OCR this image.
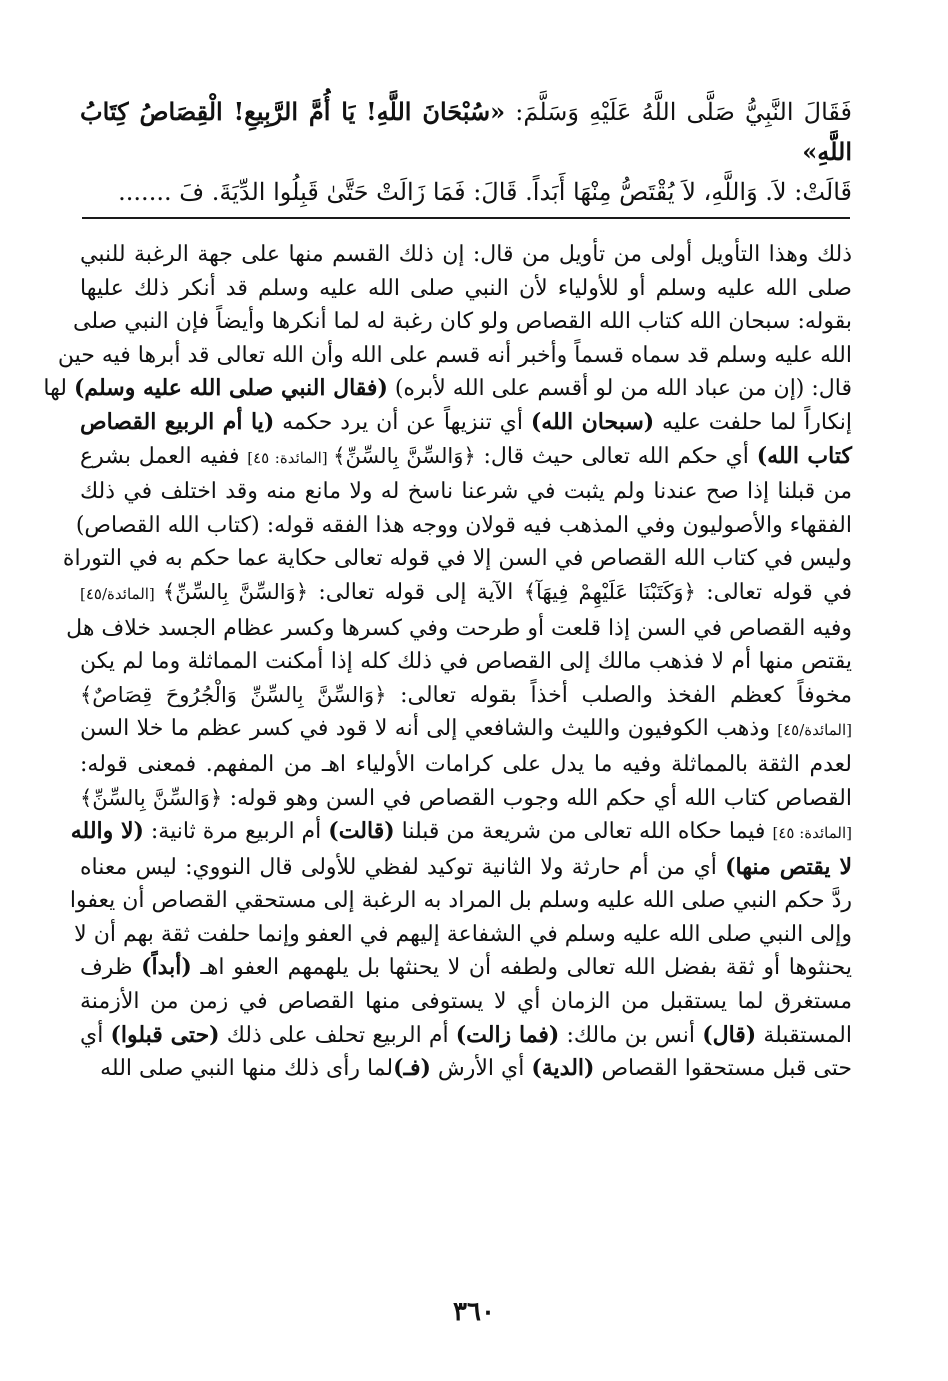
فَقَالَ النَّبِيُّ صَلَّى اللَّهُ عَلَيْهِ وَسَلَّمَ: «سُبْحَانَ اللَّهِ! يَا أُمَّ الرَّبِيعِ! الْقِصَاصُ كِتَابُ اللَّهِ»
قَالَتْ: لاَ. وَاللَّهِ، لاَ يُقْتَصُّ مِنْهَا أَبَداً. قَالَ: فَمَا زَالَتْ حَتَّىٰ قَبِلُوا الدِّيَةَ. فَ .......

ذلك وهذا التأويل أولى من تأويل من قال: إن ذلك القسم منها على جهة الرغبة للنبي
صلى الله عليه وسلم أو للأولياء لأن النبي صلى الله عليه وسلم قد أنكر ذلك عليها
بقوله: سبحان الله كتاب الله القصاص ولو كان رغبة له لما أنكرها وأيضاً فإن النبي صلى
الله عليه وسلم قد سماه قسماً وأخبر أنه قسم على الله وأن الله تعالى قد أبرها فيه حين
قال: (إن من عباد الله من لو أقسم على الله لأبره) (فقال النبي صلى الله عليه وسلم) لها
إنكاراً لما حلفت عليه (سبحان الله) أي تنزيهاً عن أن يرد حكمه (يا أم الربيع القصاص
كتاب الله) أي حكم الله تعالى حيث قال: ﴿وَالسِّنَّ بِالسِّنِّ﴾ [المائدة: ٤٥] ففيه العمل بشرع
من قبلنا إذا صح عندنا ولم يثبت في شرعنا ناسخ له ولا مانع منه وقد اختلف في ذلك
الفقهاء والأصوليون وفي المذهب فيه قولان ووجه هذا الفقه قوله: (كتاب الله القصاص)
وليس في كتاب الله القصاص في السن إلا في قوله تعالى حكاية عما حكم به في التوراة
في قوله تعالى: ﴿وَكَتَبْنَا عَلَيْهِمْ فِيهَآ﴾ الآية إلى قوله تعالى: ﴿وَالسِّنَّ بِالسِّنِّ﴾ [المائدة/٤٥]
وفيه القصاص في السن إذا قلعت أو طرحت وفي كسرها وكسر عظام الجسد خلاف هل
يقتص منها أم لا فذهب مالك إلى القصاص في ذلك كله إذا أمكنت المماثلة وما لم يكن
مخوفاً كعظم الفخذ والصلب أخذاً بقوله تعالى: ﴿وَالسِّنَّ بِالسِّنِّ وَالْجُرُوحَ قِصَاصٌ﴾
[المائدة/٤٥] وذهب الكوفيون والليث والشافعي إلى أنه لا قود في كسر عظم ما خلا السن
لعدم الثقة بالمماثلة وفيه ما يدل على كرامات الأولياء اهـ من المفهم. فمعنى قوله:
القصاص كتاب الله أي حكم الله وجوب القصاص في السن وهو قوله: ﴿وَالسِّنَّ بِالسِّنِّ﴾
[المائدة: ٤٥] فيما حكاه الله تعالى من شريعة من قبلنا (قالت) أم الربيع مرة ثانية: (لا والله
لا يقتص منها) أي من أم حارثة ولا الثانية توكيد لفظي للأولى قال النووي: ليس معناه
ردَّ حكم النبي صلى الله عليه وسلم بل المراد به الرغبة إلى مستحقي القصاص أن يعفوا
وإلى النبي صلى الله عليه وسلم في الشفاعة إليهم في العفو وإنما حلفت ثقة بهم أن لا
يحنثوها أو ثقة بفضل الله تعالى ولطفه أن لا يحنثها بل يلهمهم العفو اهـ (أبداً) ظرف
مستغرق لما يستقبل من الزمان أي لا يستوفى منها القصاص في زمن من الأزمنة
المستقبلة (قال) أنس بن مالك: (فما زالت) أم الربيع تحلف على ذلك (حتى قبلوا) أي
حتى قبل مستحقوا القصاص (الدية) أي الأرش (فـ)لما رأى ذلك منها النبي صلى الله
٣٦٠
